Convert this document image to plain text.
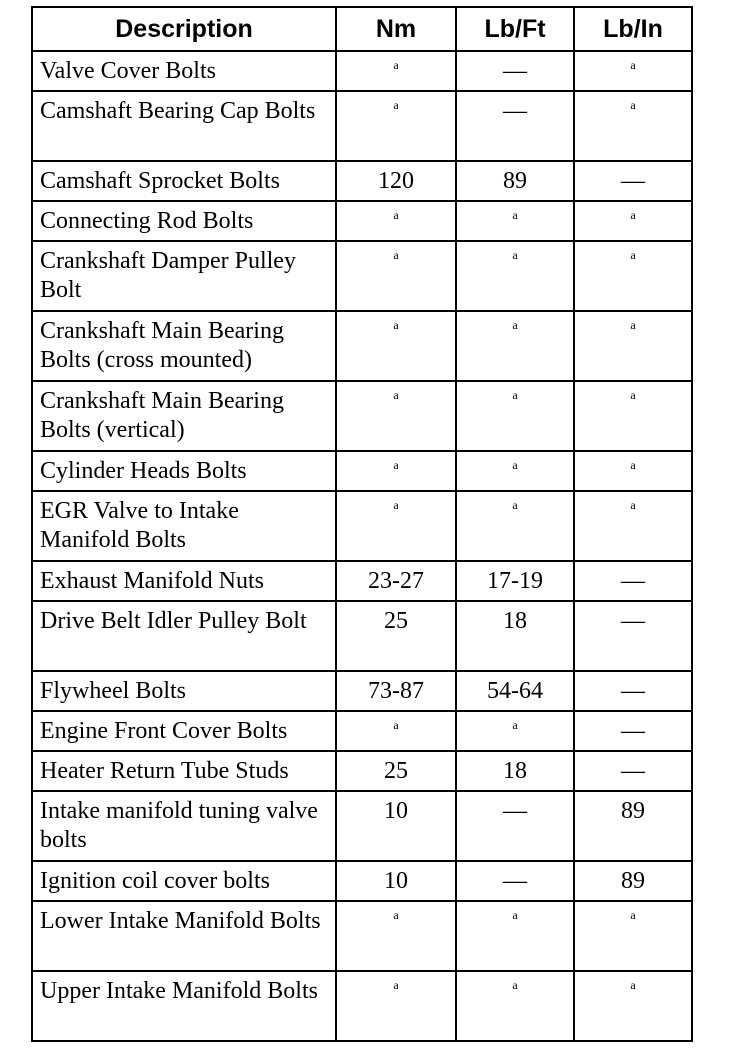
Description	Nm	Lb/Ft	Lb/In
Valve Cover Bolts	a	—	a
Camshaft Bearing Cap Bolts	a	—	a
Camshaft Sprocket Bolts	120	89	—
Connecting Rod Bolts	a	a	a
Crankshaft Damper Pulley Bolt	a	a	a
Crankshaft Main Bearing Bolts (cross mounted)	a	a	a
Crankshaft Main Bearing Bolts (vertical)	a	a	a
Cylinder Heads Bolts	a	a	a
EGR Valve to Intake Manifold Bolts	a	a	a
Exhaust Manifold Nuts	23-27	17-19	—
Drive Belt Idler Pulley Bolt	25	18	—
Flywheel Bolts	73-87	54-64	—
Engine Front Cover Bolts	a	a	—
Heater Return Tube Studs	25	18	—
Intake manifold tuning valve bolts	10	—	89
Ignition coil cover bolts	10	—	89
Lower Intake Manifold Bolts	a	a	a
Upper Intake Manifold Bolts	a	a	a
